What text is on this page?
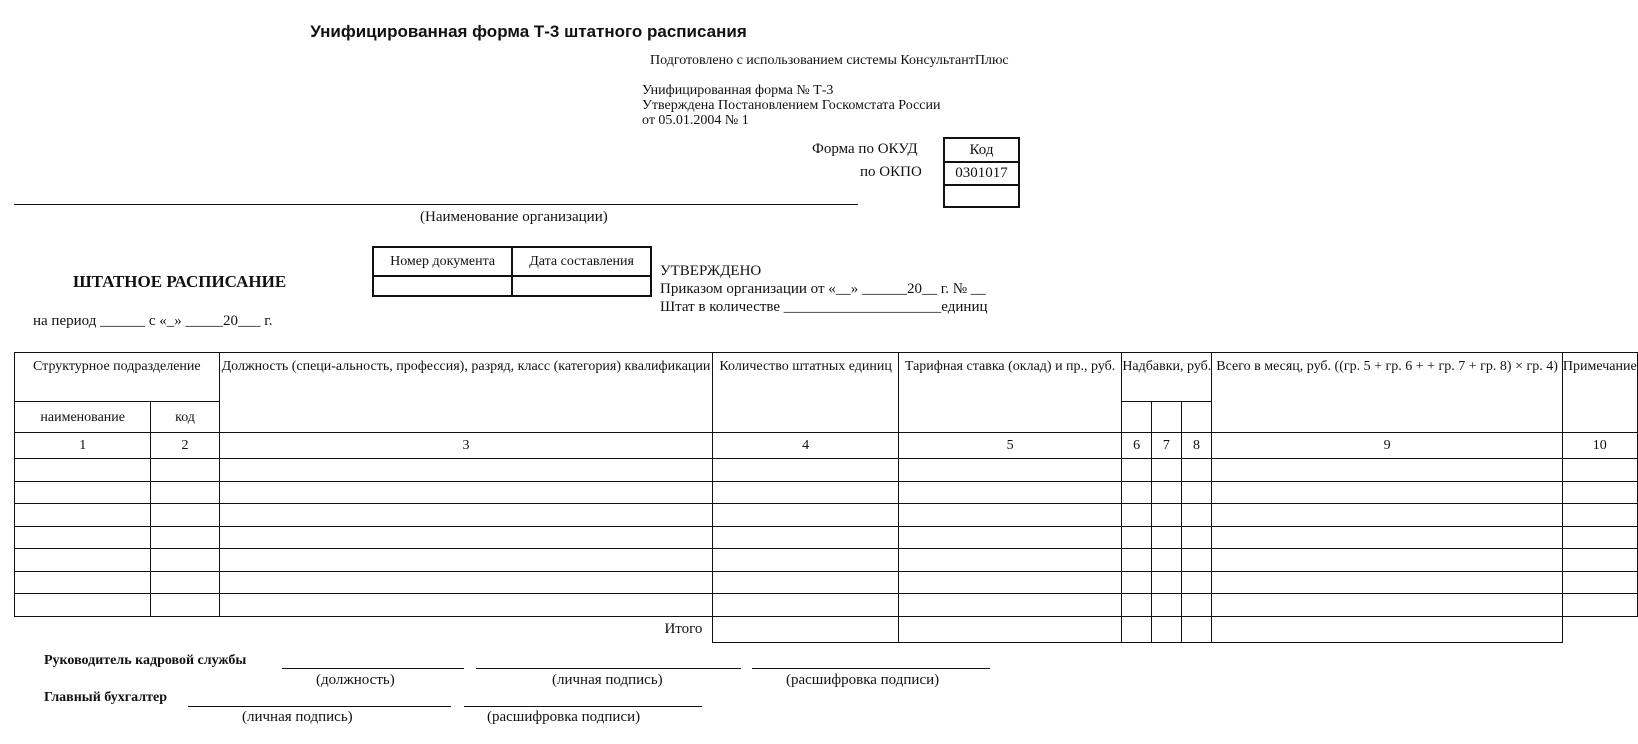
Унифицированная форма Т-3 штатного расписания
Подготовлено с использованием системы КонсультантПлюс
Унифицированная форма № Т-3
Утверждена Постановлением Госкомстата России
от 05.01.2004 № 1
Форма по ОКУД
по ОКПО
Код
0301017

(Наименование организации)
Номер документа	Дата составления

ШТАТНОЕ РАСПИСАНИЕ
на период ______ с «_» _____20___ г.
УТВЕРЖДЕНО
Приказом организации от «__» ______20__ г. № __
Штат в количестве _____________________единиц
Структурное подразделение		Должность (специ-альность, профессия), разряд, класс (категория) квалификации	Количество штатных единиц	Тарифная ставка (оклад) и пр., руб.	Надбавки, руб.			Всего в месяц, руб. ((гр. 5 + гр. 6 + + гр. 7 + гр. 8) × гр. 4)	Примечание
наименование	код								
1	2	3	4	5	6	7	8	9	10

Итого									
Руководитель кадровой службы
(должность)	(личная подпись)	(расшифровка подписи)
Главный бухгалтер
(личная подпись)	(расшифровка подписи)
